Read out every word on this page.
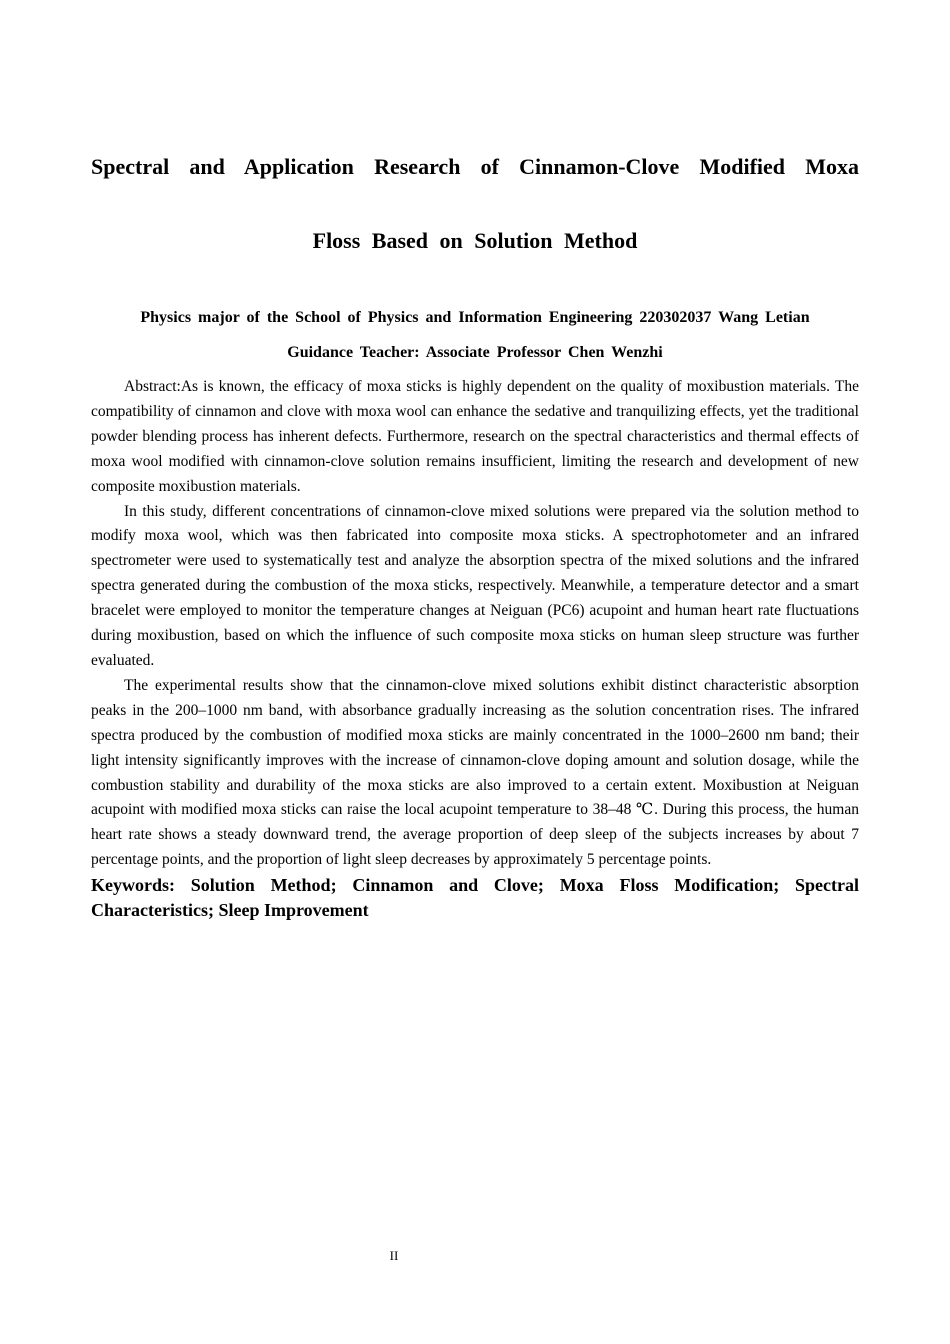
Spectral and Application Research of Cinnamon-Clove Modified Moxa
Floss Based on Solution Method

Physics major of the School of Physics and Information Engineering 220302037 Wang Letian

Guidance Teacher: Associate Professor Chen Wenzhi

Abstract:As is known, the efficacy of moxa sticks is highly dependent on the quality of moxibustion materials. The compatibility of cinnamon and clove with moxa wool can enhance the sedative and tranquilizing effects, yet the traditional powder blending process has inherent defects. Furthermore, research on the spectral characteristics and thermal effects of moxa wool modified with cinnamon-clove solution remains insufficient, limiting the research and development of new composite moxibustion materials.

In this study, different concentrations of cinnamon-clove mixed solutions were prepared via the solution method to modify moxa wool, which was then fabricated into composite moxa sticks. A spectrophotometer and an infrared spectrometer were used to systematically test and analyze the absorption spectra of the mixed solutions and the infrared spectra generated during the combustion of the moxa sticks, respectively. Meanwhile, a temperature detector and a smart bracelet were employed to monitor the temperature changes at Neiguan (PC6) acupoint and human heart rate fluctuations during moxibustion, based on which the influence of such composite moxa sticks on human sleep structure was further evaluated.

The experimental results show that the cinnamon-clove mixed solutions exhibit distinct characteristic absorption peaks in the 200–1000 nm band, with absorbance gradually increasing as the solution concentration rises. The infrared spectra produced by the combustion of modified moxa sticks are mainly concentrated in the 1000–2600 nm band; their light intensity significantly improves with the increase of cinnamon-clove doping amount and solution dosage, while the combustion stability and durability of the moxa sticks are also improved to a certain extent. Moxibustion at Neiguan acupoint with modified moxa sticks can raise the local acupoint temperature to 38–48 ℃. During this process, the human heart rate shows a steady downward trend, the average proportion of deep sleep of the subjects increases by about 7 percentage points, and the proportion of light sleep decreases by approximately 5 percentage points.

Keywords: Solution Method; Cinnamon and Clove; Moxa Floss Modification; Spectral Characteristics; Sleep Improvement

II
